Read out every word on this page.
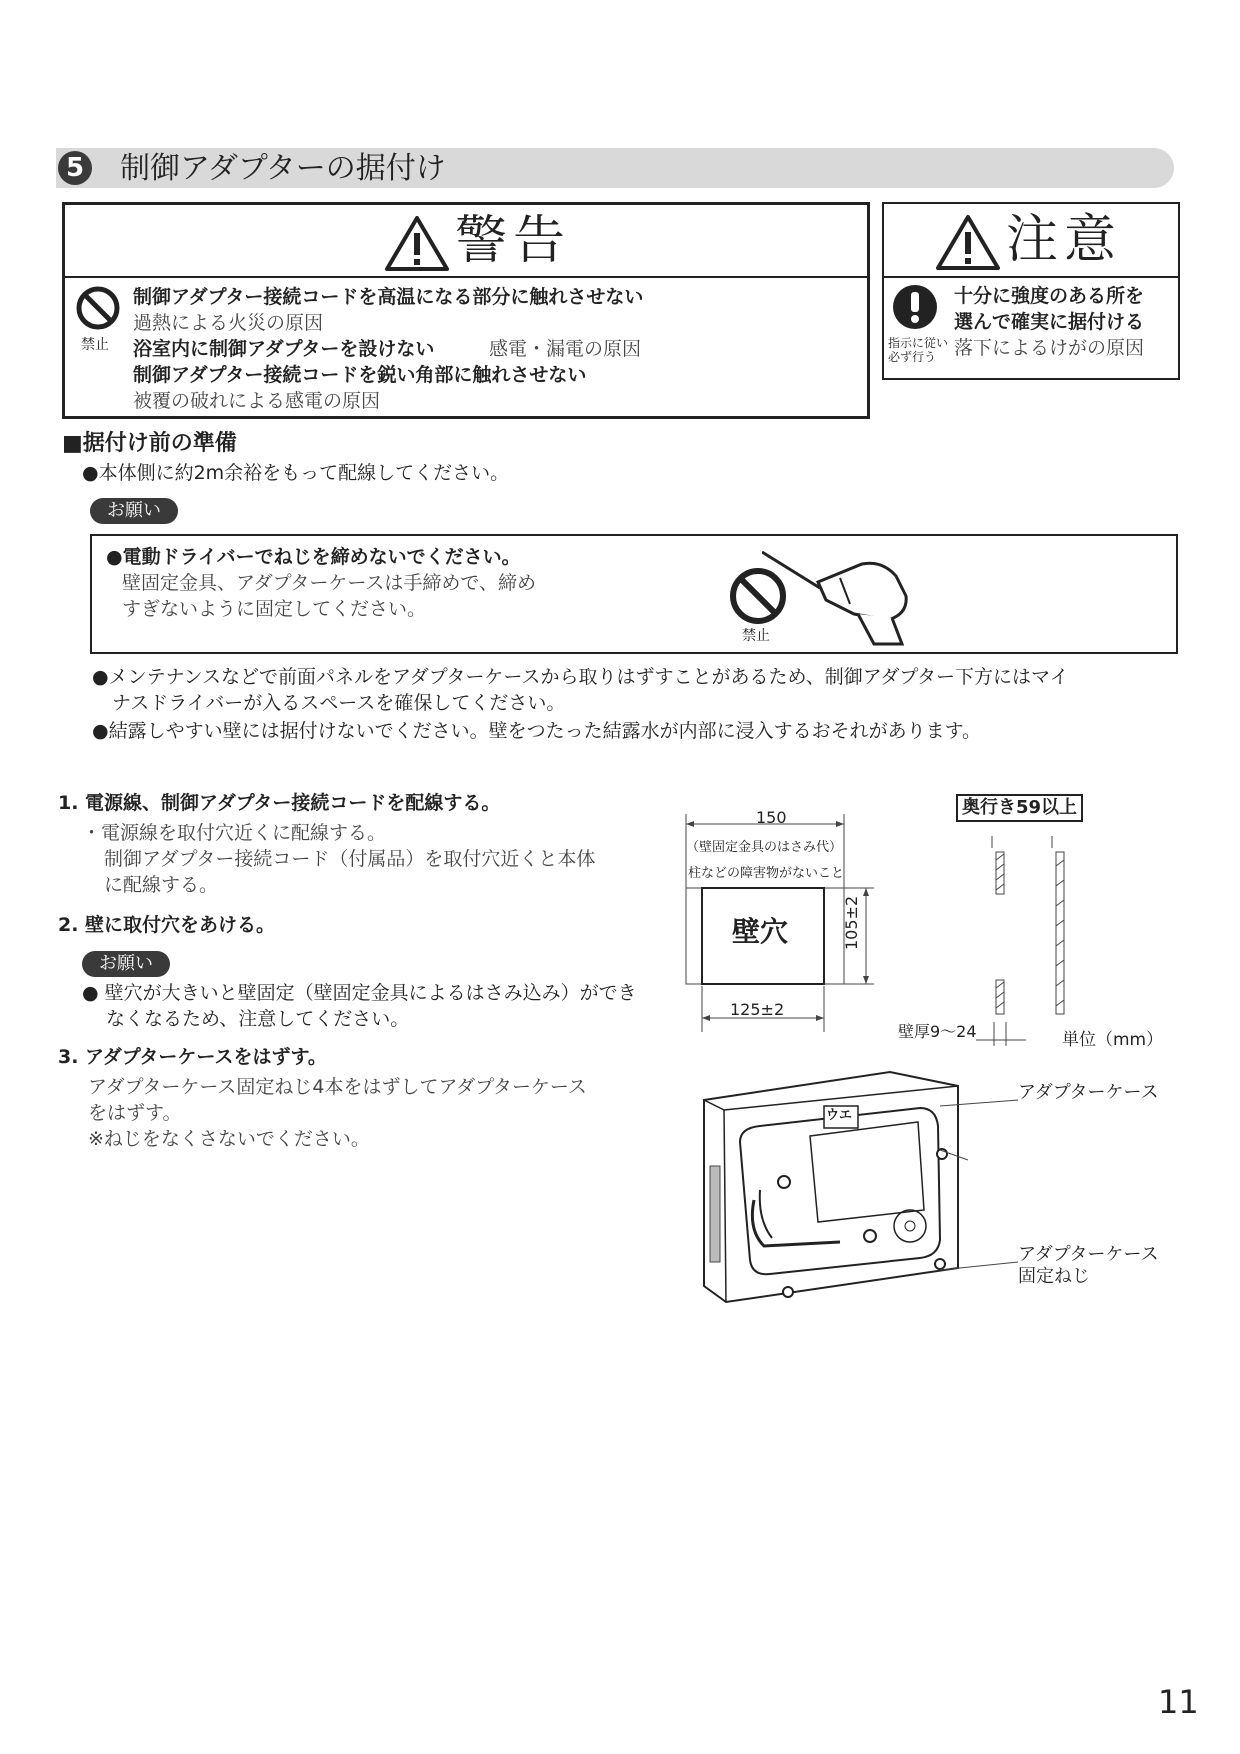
5 制御アダプターの据付け
警告
禁止
制御アダプター接続コードを高温になる部分に触れさせない
過熱による火災の原因
浴室内に制御アダプターを設けない	感電・漏電の原因
制御アダプター接続コードを鋭い角部に触れさせない
被覆の破れによる感電の原因
注意
指示に従い
必ず行う
十分に強度のある所を
選んで確実に据付ける
落下によるけがの原因
■据付け前の準備
●本体側に約2m余裕をもって配線してください。
お願い
●電動ドライバーでねじを締めないでください。
壁固定金具、アダプターケースは手締めで、締め
すぎないように固定してください。
禁止
●メンテナンスなどで前面パネルをアダプターケースから取りはずすことがあるため、制御アダプター下方にはマイ
ナスドライバーが入るスペースを確保してください。
●結露しやすい壁には据付けないでください。壁をつたった結露水が内部に浸入するおそれがあります。
1. 電源線、制御アダプター接続コードを配線する。
・電源線を取付穴近くに配線する。
制御アダプター接続コード（付属品）を取付穴近くと本体
に配線する。
2. 壁に取付穴をあける。
お願い
● 壁穴が大きいと壁固定（壁固定金具によるはさみ込み）ができ
なくなるため、注意してください。
3. アダプターケースをはずす。
アダプターケース固定ねじ4本をはずしてアダプターケース
をはずす。
※ねじをなくさないでください。
150
（壁固定金具のはさみ代）
柱などの障害物がないこと
壁穴	105±2
125±2
奥行き59以上
壁厚9～24	単位（mm）
ウエ
アダプターケース
アダプターケース
固定ねじ
11
